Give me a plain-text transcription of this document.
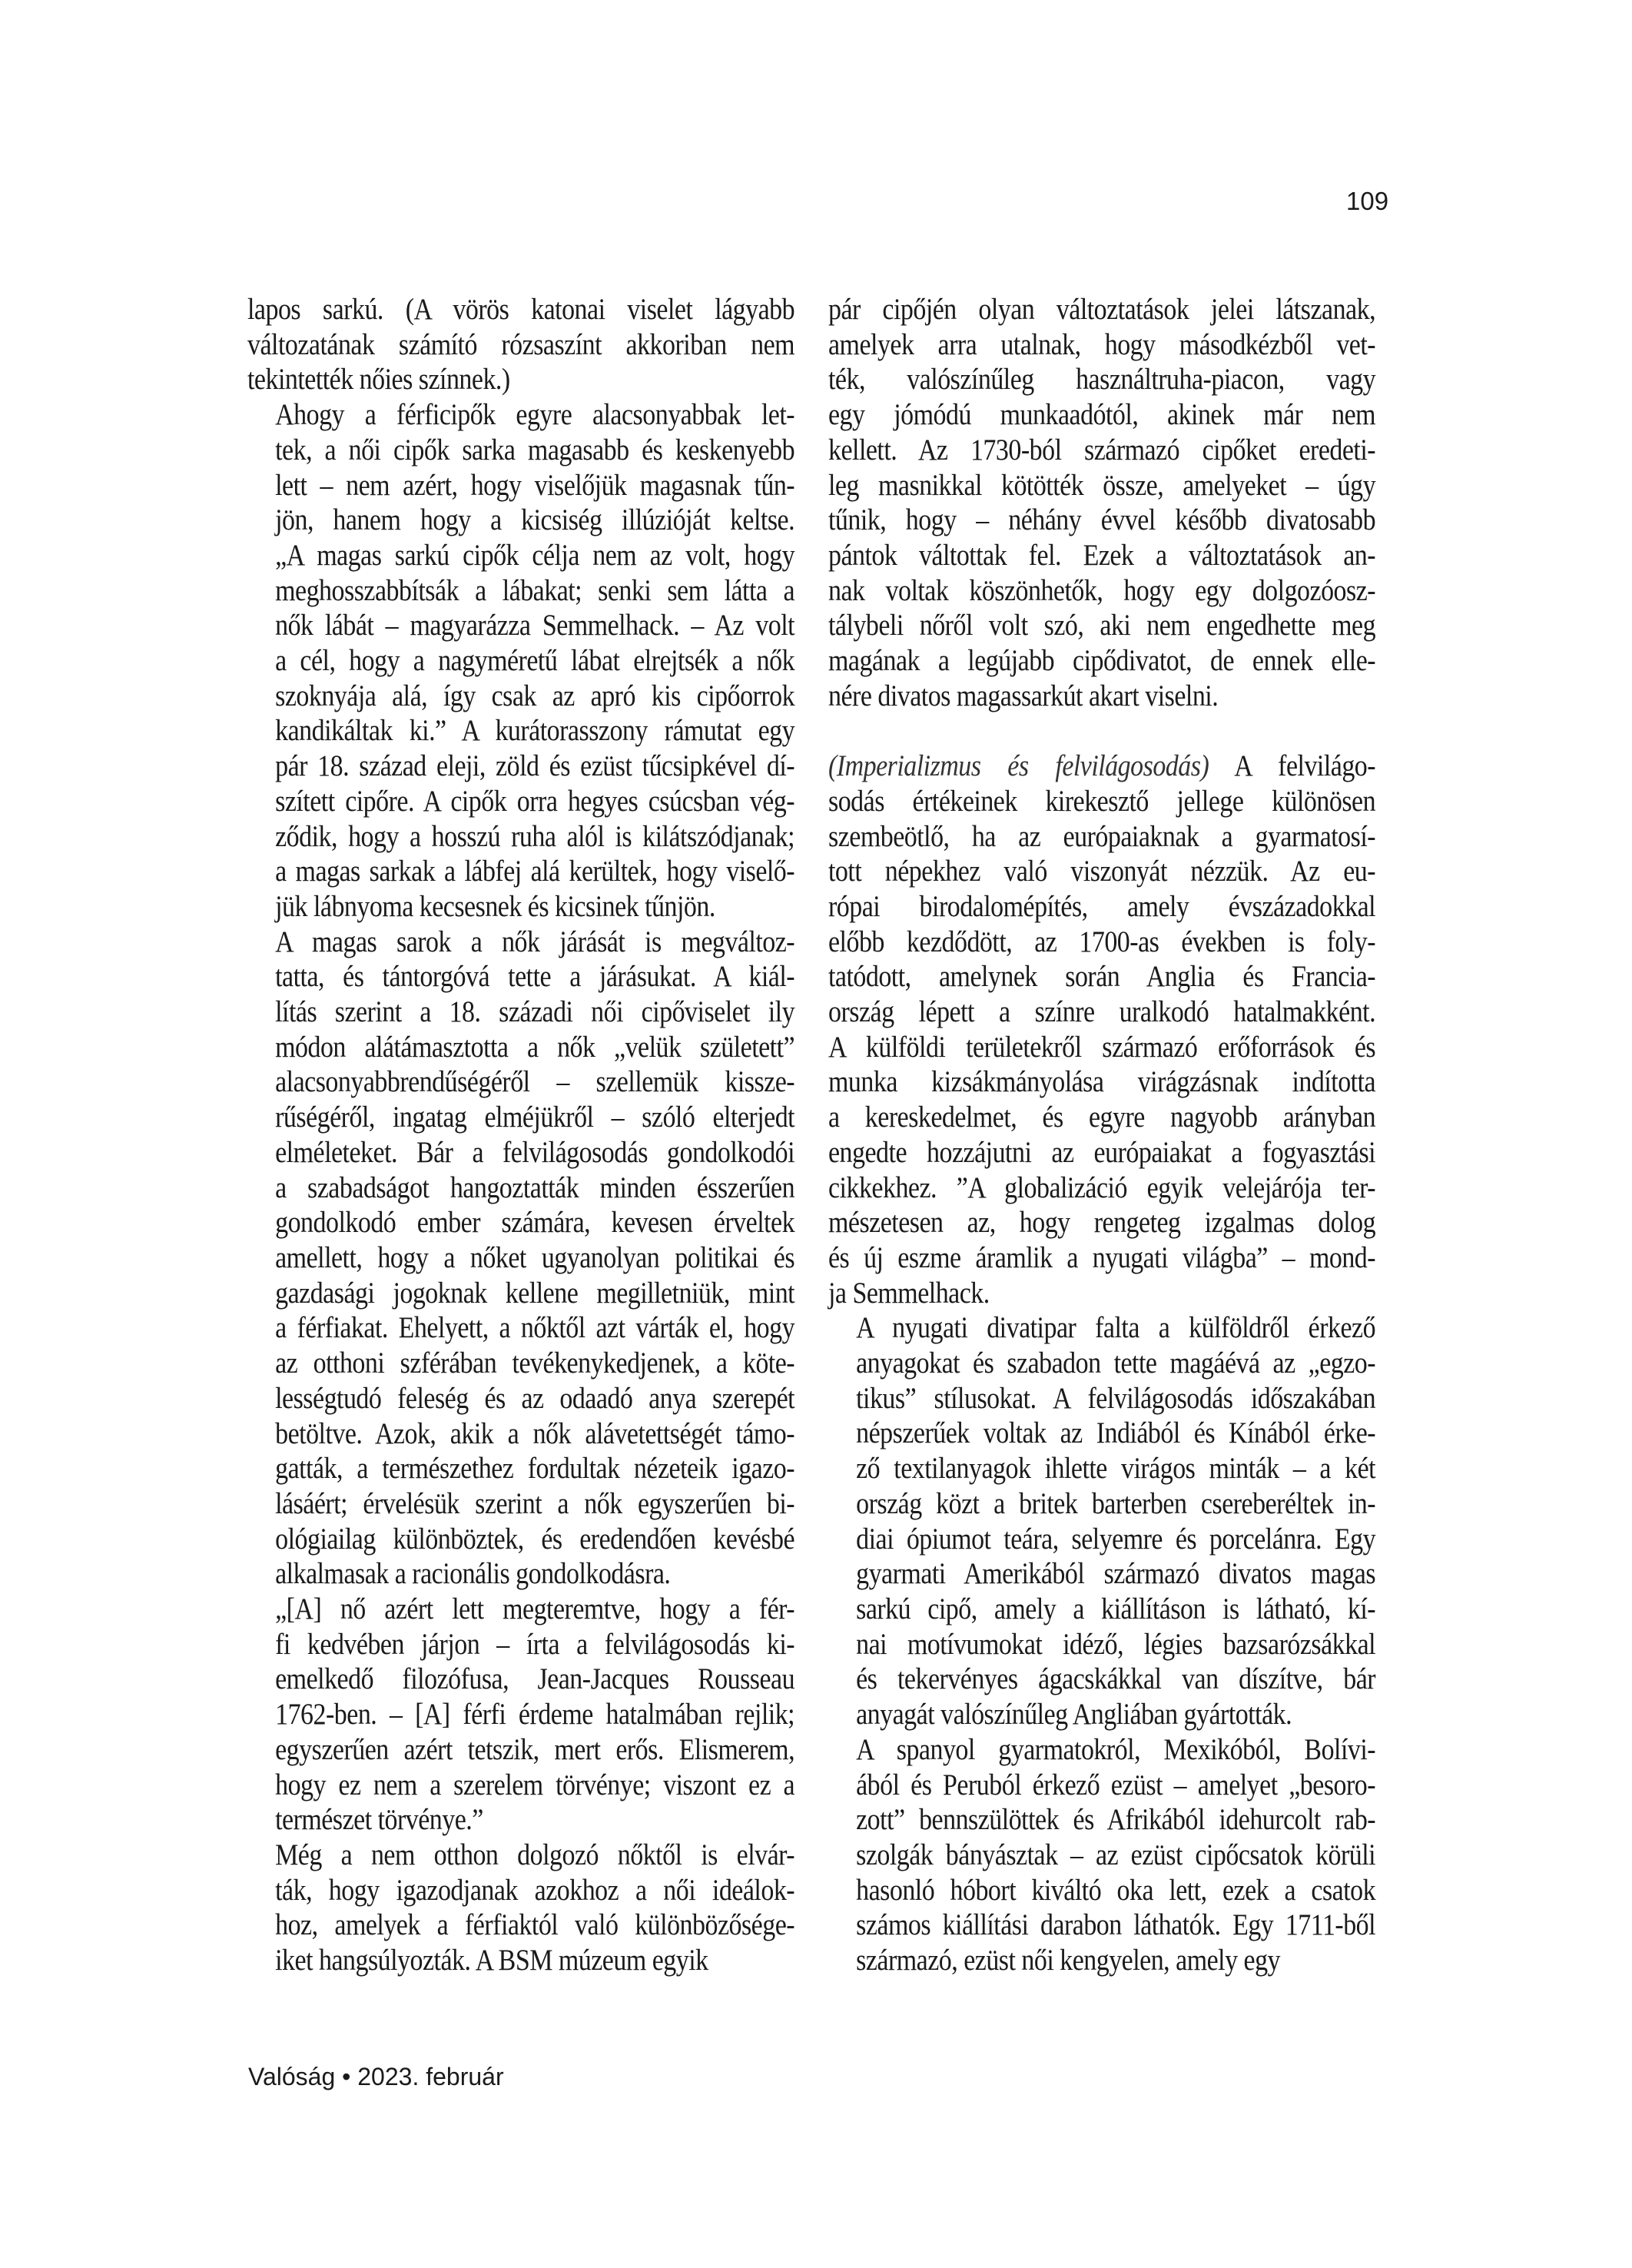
109

lapos sarkú. (A vörös katonai viselet lágyabb
változatának számító rózsaszínt akkoriban nem
tekintették nőies színnek.)

Ahogy a férficipők egyre alacsonyabbak let-
tek, a női cipők sarka magasabb és keskenyebb
lett – nem azért, hogy viselőjük magasnak tűn-
jön, hanem hogy a kicsiség illúzióját keltse.
„A magas sarkú cipők célja nem az volt, hogy
meghosszabbítsák a lábakat; senki sem látta a
nők lábát – magyarázza Semmelhack. – Az volt
a cél, hogy a nagyméretű lábat elrejtsék a nők
szoknyája alá, így csak az apró kis cipőorrok
kandikáltak ki.” A kurátorasszony rámutat egy
pár 18. század eleji, zöld és ezüst tűcsipkével dí-
szített cipőre. A cipők orra hegyes csúcsban vég-
ződik, hogy a hosszú ruha alól is kilátszódjanak;
a magas sarkak a lábfej alá kerültek, hogy viselő-
jük lábnyoma kecsesnek és kicsinek tűnjön.

A magas sarok a nők járását is megváltoz-
tatta, és tántorgóvá tette a járásukat. A kiál-
lítás szerint a 18. századi női cipőviselet ily
módon alátámasztotta a nők „velük született”
alacsonyabbrendűségéről – szellemük kissze-
rűségéről, ingatag elméjükről – szóló elterjedt
elméleteket. Bár a felvilágosodás gondolkodói
a szabadságot hangoztatták minden ésszerűen
gondolkodó ember számára, kevesen érveltek
amellett, hogy a nőket ugyanolyan politikai és
gazdasági jogoknak kellene megilletniük, mint
a férfiakat. Ehelyett, a nőktől azt várták el, hogy
az otthoni szférában tevékenykedjenek, a köte-
lességtudó feleség és az odaadó anya szerepét
betöltve. Azok, akik a nők alávetettségét támo-
gatták, a természethez fordultak nézeteik igazo-
lásáért; érvelésük szerint a nők egyszerűen bi-
ológiailag különböztek, és eredendően kevésbé
alkalmasak a racionális gondolkodásra.

„[A] nő azért lett megteremtve, hogy a fér-
fi kedvében járjon – írta a felvilágosodás ki-
emelkedő filozófusa, Jean-Jacques Rousseau
1762-ben. – [A] férfi érdeme hatalmában rejlik;
egyszerűen azért tetszik, mert erős. Elismerem,
hogy ez nem a szerelem törvénye; viszont ez a
természet törvénye.”

Még a nem otthon dolgozó nőktől is elvár-
ták, hogy igazodjanak azokhoz a női ideálok-
hoz, amelyek a férfiaktól való különbözősége-
iket hangsúlyozták. A BSM múzeum egyik

pár cipőjén olyan változtatások jelei látszanak,
amelyek arra utalnak, hogy másodkézből vet-
ték, valószínűleg használtruha-piacon, vagy
egy jómódú munkaadótól, akinek már nem
kellett. Az 1730-ból származó cipőket eredeti-
leg masnikkal kötötték össze, amelyeket – úgy
tűnik, hogy – néhány évvel később divatosabb
pántok váltottak fel. Ezek a változtatások an-
nak voltak köszönhetők, hogy egy dolgozóosz-
tálybeli nőről volt szó, aki nem engedhette meg
magának a legújabb cipődivatot, de ennek elle-
nére divatos magassarkút akart viselni.

(Imperializmus és felvilágosodás) A felvilágo-
sodás értékeinek kirekesztő jellege különösen
szembeötlő, ha az európaiaknak a gyarmatosí-
tott népekhez való viszonyát nézzük. Az eu-
rópai birodalomépítés, amely évszázadokkal
előbb kezdődött, az 1700-as években is foly-
tatódott, amelynek során Anglia és Francia-
ország lépett a színre uralkodó hatalmakként.
A külföldi területekről származó erőforrások és
munka kizsákmányolása virágzásnak indította
a kereskedelmet, és egyre nagyobb arányban
engedte hozzájutni az európaiakat a fogyasztási
cikkekhez. ”A globalizáció egyik velejárója ter-
mészetesen az, hogy rengeteg izgalmas dolog
és új eszme áramlik a nyugati világba” – mond-
ja Semmelhack.

A nyugati divatipar falta a külföldről érkező
anyagokat és szabadon tette magáévá az „egzo-
tikus” stílusokat. A felvilágosodás időszakában
népszerűek voltak az Indiából és Kínából érke-
ző textilanyagok ihlette virágos minták – a két
ország közt a britek barterben csereberéltek in-
diai ópiumot teára, selyemre és porcelánra. Egy
gyarmati Amerikából származó divatos magas
sarkú cipő, amely a kiállításon is látható, kí-
nai motívumokat idéző, légies bazsarózsákkal
és tekervényes ágacskákkal van díszítve, bár
anyagát valószínűleg Angliában gyártották.

A spanyol gyarmatokról, Mexikóból, Bolívi-
ából és Peruból érkező ezüst – amelyet „besoro-
zott” bennszülöttek és Afrikából idehurcolt rab-
szolgák bányásztak – az ezüst cipőcsatok körüli
hasonló hóbort kiváltó oka lett, ezek a csatok
számos kiállítási darabon láthatók. Egy 1711-ből
származó, ezüst női kengyelen, amely egy

Valóság • 2023. február
